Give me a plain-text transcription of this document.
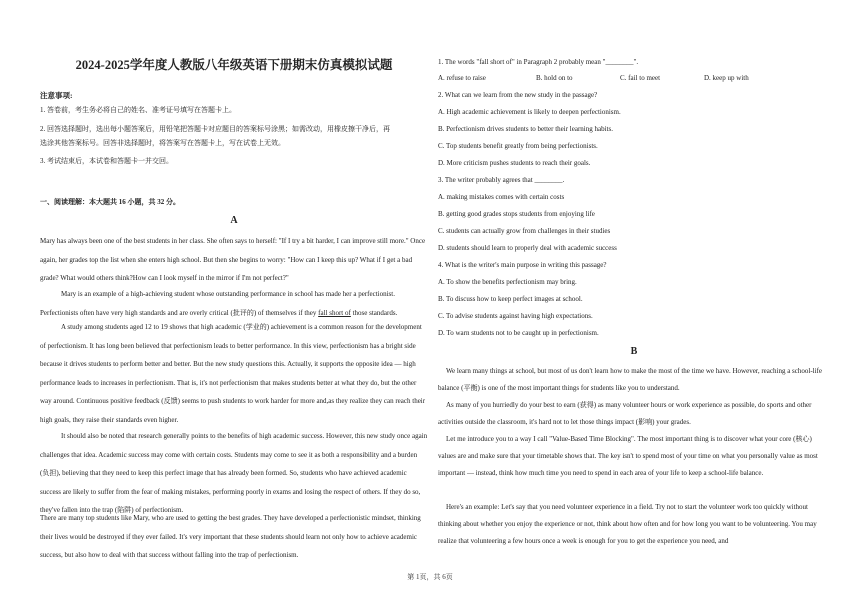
2024-2025学年度人教版八年级英语下册期末仿真模拟试题
注意事项:
1. 答卷前，考生务必将自己的姓名、准考证号填写在答题卡上。
2. 回答选择题时，选出每小题答案后，用铅笔把答题卡对应题目的答案标号涂黑；如需改动，用橡皮擦干净后，再
选涂其他答案标号。回答非选择题时，将答案写在答题卡上，写在试卷上无效。
3. 考试结束后，本试卷和答题卡一并交回。
一、阅读理解：本大题共 16 小题，共 32 分。
A
Mary has always been one of the best students in her class. She often says to herself: "If I try a bit harder, I can improve still more." Once again, her grades top the list when she enters high school. But then she begins to worry: "How can I keep this up? What if I get a bad grade? What would others think?How can I look myself in the mirror if I'm not perfect?"
Mary is an example of a high-achieving student whose outstanding performance in school has made her a perfectionist. Perfectionists often have very high standards and are overly critical (批评的) of themselves if they fall short of those standards.
A study among students aged 12 to 19 shows that high academic (学业的) achievement is a common reason for the development of perfectionism. It has long been believed that perfectionism leads to better performance. In this view, perfectionism has a bright side because it drives students to perform better and better. But the new study questions this. Actually, it supports the opposite idea — high performance leads to increases in perfectionism. That is, it's not perfectionism that makes students better at what they do, but the other way around. Continuous positive feedback (反馈) seems to push students to work harder for more and,as they realize they can reach their high goals, they raise their standards even higher.
It should also be noted that research generally points to the benefits of high academic success. However, this new study once again challenges that idea. Academic success may come with certain costs. Students may come to see it as both a responsibility and a burden (负担), believing that they need to keep this perfect image that has already been formed. So, students who have achieved academic success are likely to suffer from the fear of making mistakes, performing poorly in exams and losing the respect of others. If they do so, they've fallen into the trap (陷阱) of perfectionism.
There are many top students like Mary, who are used to getting the best grades. They have developed a perfectionistic mindset, thinking their lives would be destroyed if they ever failed. It's very important that these students should learn not only how to achieve academic success, but also how to deal with that success without falling into the trap of perfectionism.
1. The words "fall short of" in Paragraph 2 probably mean "________".
A. refuse to raise	B. hold on to	C. fail to meet	D. keep up with
2. What can we learn from the new study in the passage?
A. High academic achievement is likely to deepen perfectionism.
B. Perfectionism drives students to better their learning habits.
C. Top students benefit greatly from being perfectionists.
D. More criticism pushes students to reach their goals.
3. The writer probably agrees that ________.
A. making mistakes comes with certain costs
B. getting good grades stops students from enjoying life
C. students can actually grow from challenges in their studies
D. students should learn to properly deal with academic success
4. What is the writer's main purpose in writing this passage?
A. To show the benefits perfectionism may bring.
B. To discuss how to keep perfect images at school.
C. To advise students against having high expectations.
D. To warn students not to be caught up in perfectionism.
B
We learn many things at school, but most of us don't learn how to make the most of the time we have. However, reaching a school-life balance (平衡) is one of the most important things for students like you to understand.
As many of you hurriedly do your best to earn (获得) as many volunteer hours or work experience as possible, do sports and other activities outside the classroom, it's hard not to let those things impact (影响) your grades.
Let me introduce you to a way I call "Value-Based Time Blocking". The most important thing is to discover what your core (核心) values are and make sure that your timetable shows that. The key isn't to spend most of your time on what you personally value as most important — instead, think how much time you need to spend in each area of your life to keep a school-life balance.
Here's an example: Let's say that you need volunteer experience in a field. Try not to start the volunteer work too quickly without thinking about whether you enjoy the experience or not, think about how often and for how long you want to be volunteering. You may realize that volunteering a few hours once a week is enough for you to get the experience you need, and
第 1页，共 6页
